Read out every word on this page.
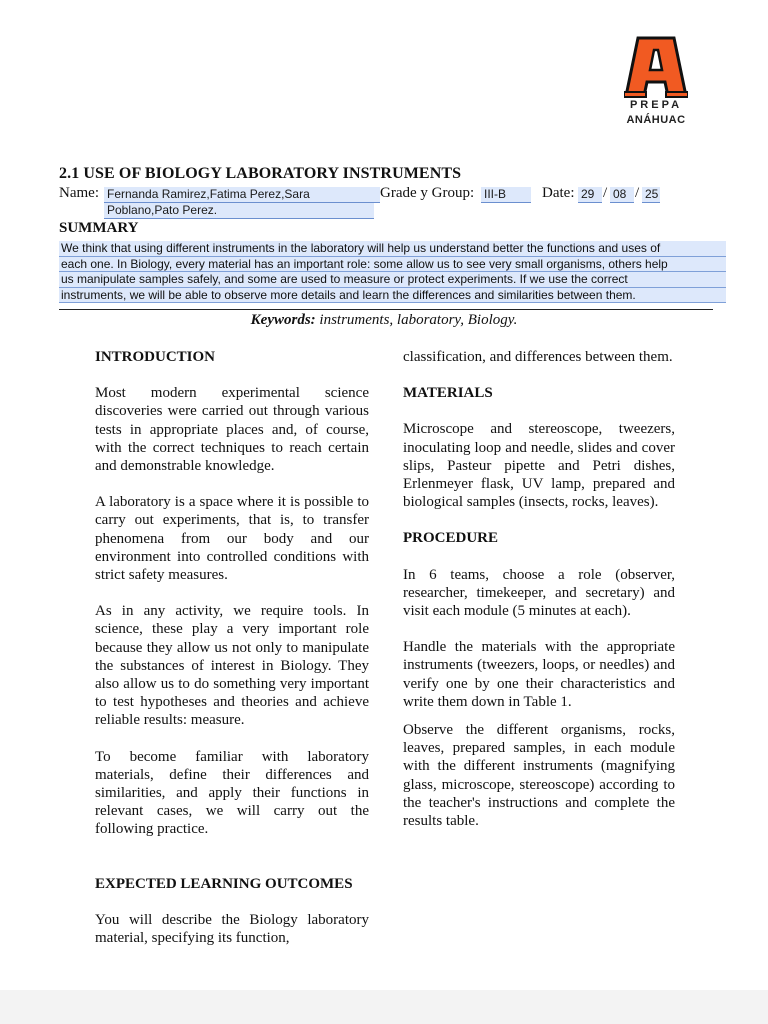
PREPA
ANÁHUAC
2.1 USE OF BIOLOGY LABORATORY INSTRUMENTS
Name: Fernanda Ramirez,Fatima Perez,Sara
Poblano,Pato Perez.
Grade y Group: III-B	Date: 29 / 08 / 25
SUMMARY
We think that using different instruments in the laboratory will help us understand better the functions and uses of
each one. In Biology, every material has an important role: some allow us to see very small organisms, others help
us manipulate samples safely, and some are used to measure or protect experiments. If we use the correct
instruments, we will be able to observe more details and learn the differences and similarities between them.
Keywords: instruments, laboratory, Biology.
INTRODUCTION

Most modern experimental science discoveries were carried out through various tests in appropriate places and, of course, with the correct techniques to reach certain and demonstrable knowledge.

A laboratory is a space where it is possible to carry out experiments, that is, to transfer phenomena from our body and our environment into controlled conditions with strict safety measures.

As in any activity, we require tools. In science, these play a very important role because they allow us not only to manipulate the substances of interest in Biology. They also allow us to do something very important to test hypotheses and theories and achieve reliable results: measure.

To become familiar with laboratory materials, define their differences and similarities, and apply their functions in relevant cases, we will carry out the following practice.

EXPECTED LEARNING OUTCOMES

You will describe the Biology laboratory material, specifying its function,

classification, and differences between them.

MATERIALS

Microscope and stereoscope, tweezers, inoculating loop and needle, slides and cover slips, Pasteur pipette and Petri dishes, Erlenmeyer flask, UV lamp, prepared and biological samples (insects, rocks, leaves).

PROCEDURE

In 6 teams, choose a role (observer, researcher, timekeeper, and secretary) and visit each module (5 minutes at each).

Handle the materials with the appropriate instruments (tweezers, loops, or needles) and verify one by one their characteristics and write them down in Table 1.

Observe the different organisms, rocks, leaves, prepared samples, in each module with the different instruments (magnifying glass, microscope, stereoscope) according to the teacher's instructions and complete the results table.
